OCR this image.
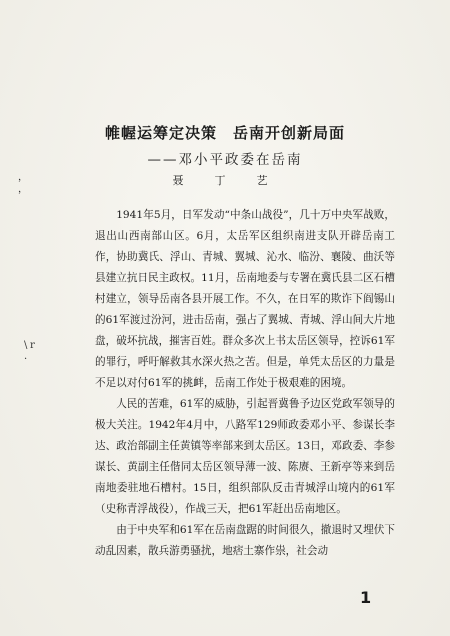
，
，
\ r
·
帷幄运筹定决策　岳南开创新局面
——邓小平政委在岳南
聂　丁　艺

1941年5月，日军发动“中条山战役”，几十万中央军战败，退出山西南部山区。6月，太岳军区组织南进支队开辟岳南工作，协助冀氏、浮山、青城、翼城、沁水、临汾、襄陵、曲沃等县建立抗日民主政权。11月，岳南地委与专署在冀氏县二区石槽村建立，领导岳南各县开展工作。不久，在日军的欺诈下阎锡山的61军渡过汾河，进击岳南，强占了翼城、青城、浮山间大片地盘，破坏抗战，摧害百姓。群众多次上书太岳区领导，控诉61军的罪行，呼吁解救其水深火热之苦。但是，单凭太岳区的力量是不足以对付61军的挑衅，岳南工作处于极艰难的困境。

人民的苦难，61军的威胁，引起晋冀鲁予边区党政军领导的极大关注。1942年4月中，八路军129师政委邓小平、参谋长李达、政治部副主任黄镇等率部来到太岳区。13日，邓政委、李参谋长、黄副主任偕同太岳区领导薄一波、陈赓、王新亭等来到岳南地委驻地石槽村。15日，组织部队反击青城浮山境内的61军（史称青浮战役），作战三天，把61军赶出岳南地区。

由于中央军和61军在岳南盘踞的时间很久，撤退时又埋伏下动乱因素，散兵游勇骚扰，地痞土寨作祟，社会动

1
